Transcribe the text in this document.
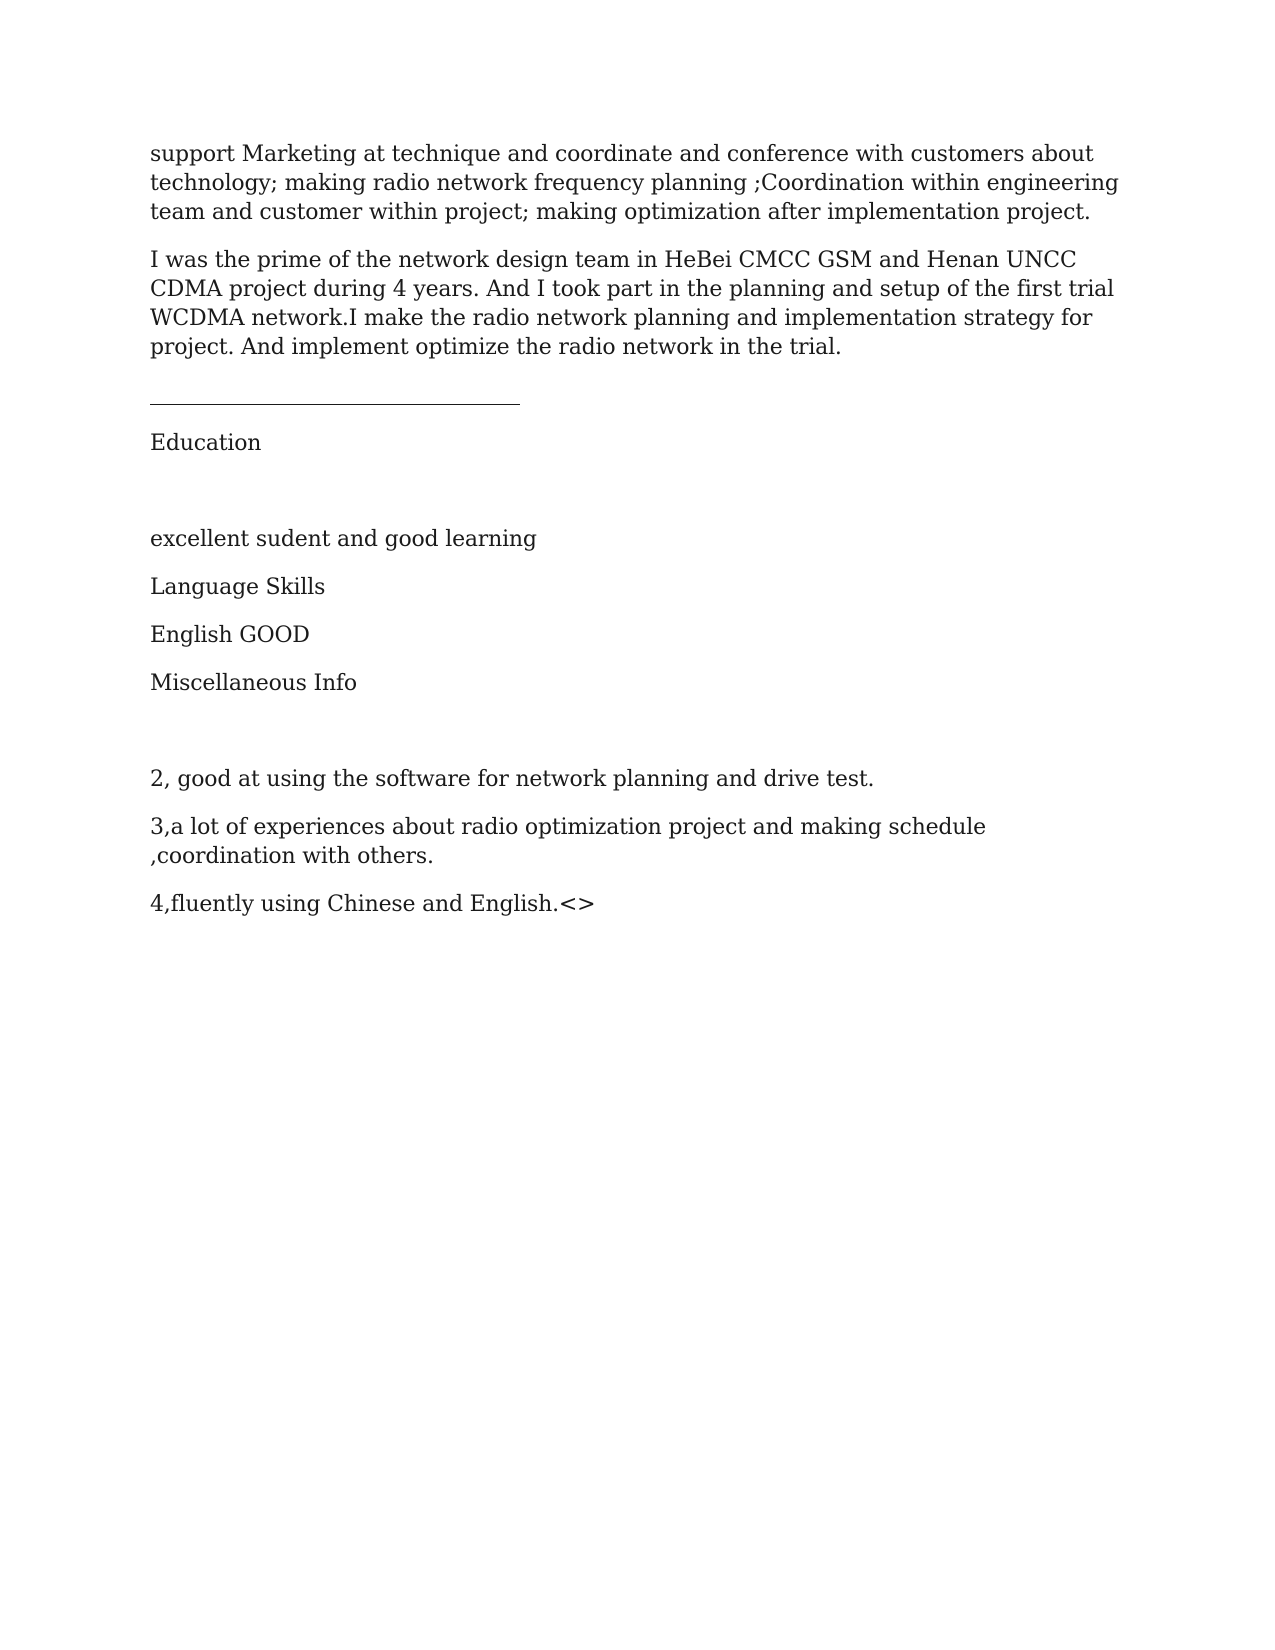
support Marketing at technique and coordinate and conference with customers about technology; making radio network frequency planning ;Coordination within engineering team and customer within project; making optimization after implementation project.

I was the prime of the network design team in HeBei CMCC GSM and Henan UNCC CDMA project during 4 years. And I took part in the planning and setup of the first trial WCDMA network.I make the radio network planning and implementation strategy for project. And implement optimize the radio network in the trial.

Education

excellent sudent and good learning

Language Skills

English GOOD

Miscellaneous Info

2, good at using the software for network planning and drive test.

3,a lot of experiences about radio optimization project and making schedule ,coordination with others.

4,fluently using Chinese and English.<>
